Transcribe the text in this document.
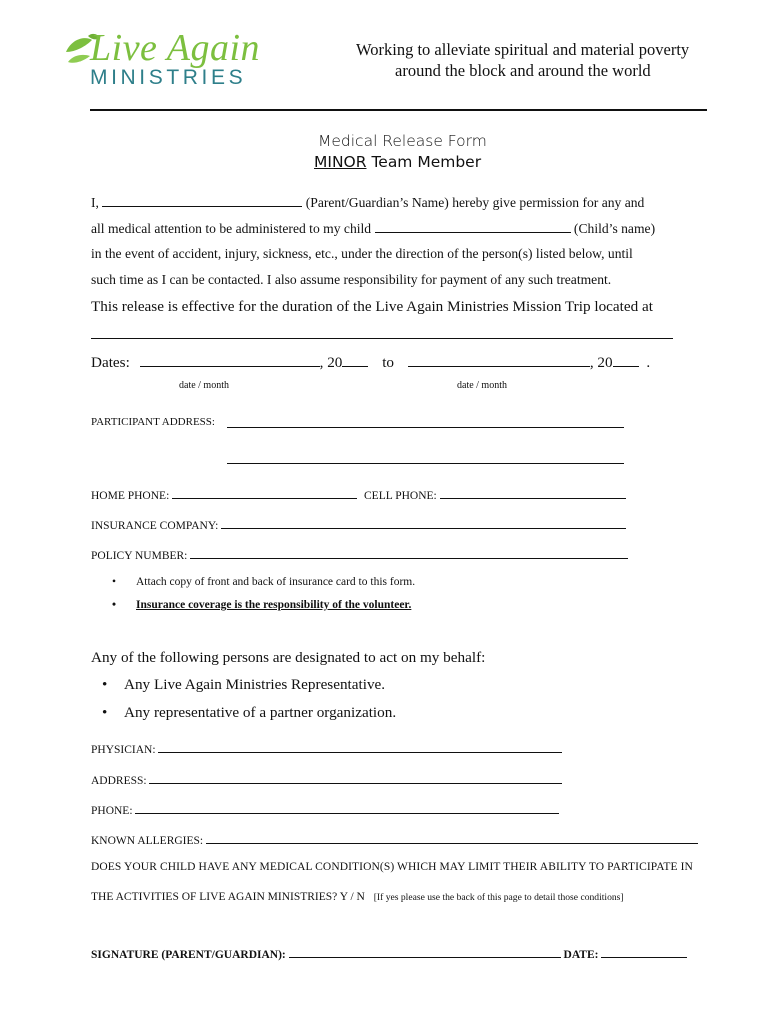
Live Again
MINISTRIES
Working to alleviate spiritual and material poverty
around the block and around the world
Medical Release Form
MINOR Team Member
I,	(Parent/Guardian’s Name) hereby give permission for any and
all medical attention to be administered to my child	(Child’s name)
in the event of accident, injury, sickness, etc., under the direction of the person(s) listed below, until
such time as I can be contacted. I also assume responsibility for payment of any such treatment.
This release is effective for the duration of the Live Again Ministries Mission Trip located at
Dates:	, 20	to	, 20 .
date / month	date / month
PARTICIPANT ADDRESS:
HOME PHONE:	CELL PHONE:
INSURANCE COMPANY:
POLICY NUMBER:
• Attach copy of front and back of insurance card to this form.
• Insurance coverage is the responsibility of the volunteer.
Any of the following persons are designated to act on my behalf:
• Any Live Again Ministries Representative.
• Any representative of a partner organization.
PHYSICIAN:
ADDRESS:
PHONE:
KNOWN ALLERGIES:
DOES YOUR CHILD HAVE ANY MEDICAL CONDITION(S) WHICH MAY LIMIT THEIR ABILITY TO PARTICIPATE IN
THE ACTIVITIES OF LIVE AGAIN MINISTRIES? Y / N [If yes please use the back of this page to detail those conditions]
SIGNATURE (PARENT/GUARDIAN):	DATE:
